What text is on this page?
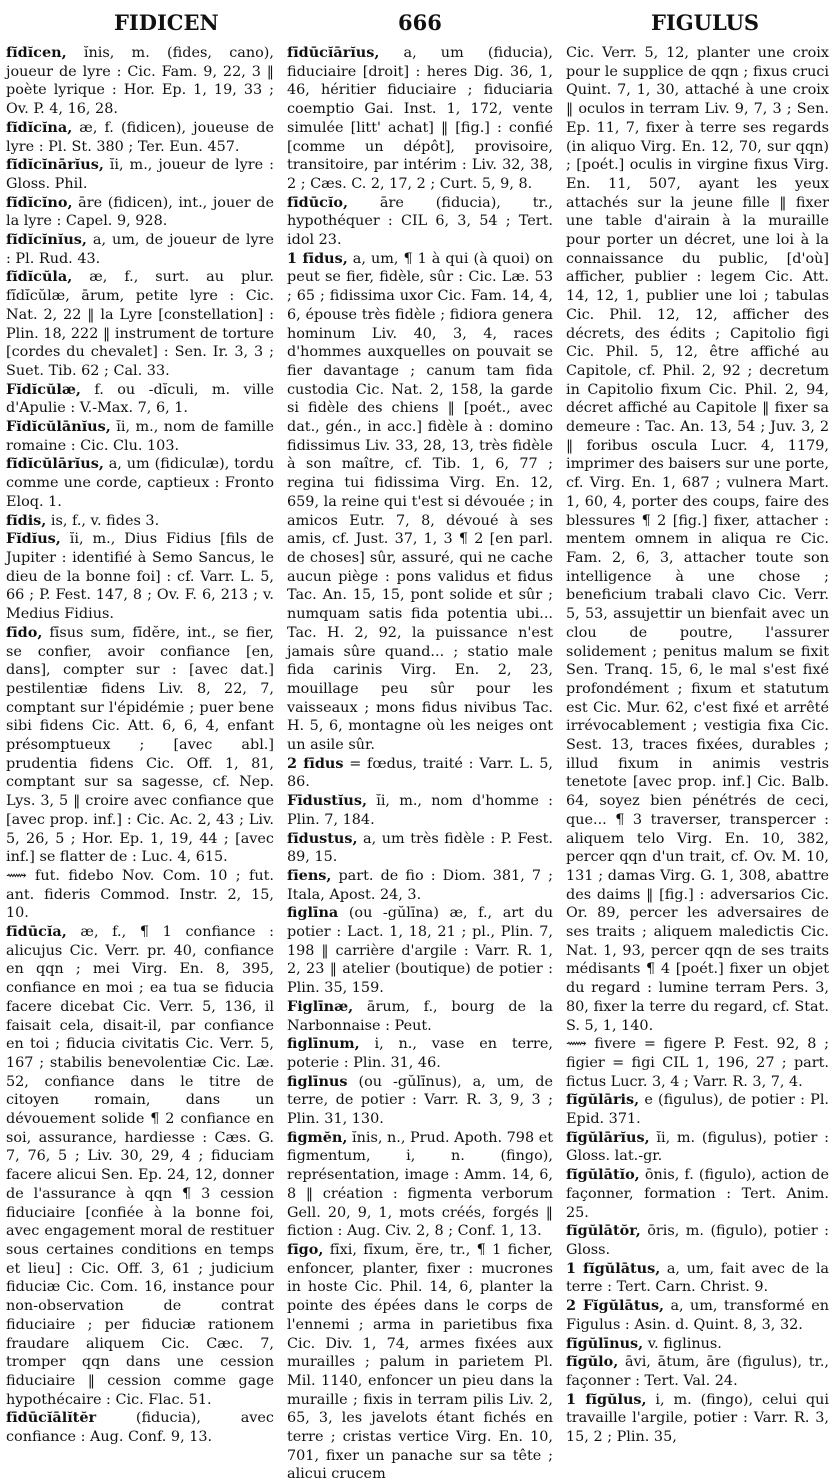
FIDICEN	666	FIGULUS

fĭdĭcen, ĭnis, m. (fides, cano), joueur de lyre : Cic. Fam. 9, 22, 3 ‖ poète lyrique : Hor. Ep. 1, 19, 33 ; Ov. P. 4, 16, 28.

fĭdĭcĭna, æ, f. (fidicen), joueuse de lyre : Pl. St. 380 ; Ter. Eun. 457.

fĭdĭcĭnārĭus, ĭi, m., joueur de lyre : Gloss. Phil.

fĭdĭcĭno, āre (fidicen), int., jouer de la lyre : Capel. 9, 928.

fĭdĭcĭnĭus, a, um, de joueur de lyre : Pl. Rud. 43.

fĭdĭcŭla, æ, f., surt. au plur. fĭdĭcŭlæ, ārum, petite lyre : Cic. Nat. 2, 22 ‖ la Lyre [constellation] : Plin. 18, 222 ‖ instrument de torture [cordes du chevalet] : Sen. Ir. 3, 3 ; Suet. Tib. 62 ; Cal. 33.

Fĭdĭcŭlæ, f. ou -dĭculi, m. ville d'Apulie : V.-Max. 7, 6, 1.

Fĭdĭcŭlānĭus, ĭi, m., nom de famille romaine : Cic. Clu. 103.

fĭdĭcŭlārĭus, a, um (fidiculæ), tordu comme une corde, captieux : Fronto Eloq. 1.

fĭdis, is, f., v. fides 3.

Fĭdĭus, ĭi, m., Dius Fidius [fils de Jupiter : identifié à Semo Sancus, le dieu de la bonne foi] : cf. Varr. L. 5, 66 ; P. Fest. 147, 8 ; Ov. F. 6, 213 ; v. Medius Fidius.

fīdo, fīsus sum, fīdĕre, int., se fier, se confier, avoir confiance [en, dans], compter sur : [avec dat.] pestilentiæ fidens Liv. 8, 22, 7, comptant sur l'épidémie ; puer bene sibi fidens Cic. Att. 6, 6, 4, enfant présomptueux ; [avec abl.] prudentia fidens Cic. Off. 1, 81, comptant sur sa sagesse, cf. Nep. Lys. 3, 5 ‖ croire avec confiance que [avec prop. inf.] : Cic. Ac. 2, 43 ; Liv. 5, 26, 5 ; Hor. Ep. 1, 19, 44 ; [avec inf.] se flatter de : Luc. 4, 615.

⟿ fut. fidebo Nov. Com. 10 ; fut. ant. fideris Commod. Instr. 2, 15, 10.

fīdūcĭa, æ, f., ¶ 1 confiance : alicujus Cic. Verr. pr. 40, confiance en qqn ; mei Virg. En. 8, 395, confiance en moi ; ea tua se fiducia facere dicebat Cic. Verr. 5, 136, il faisait cela, disait-il, par confiance en toi ; fiducia civitatis Cic. Verr. 5, 167 ; stabilis benevolentiæ Cic. Læ. 52, confiance dans le titre de citoyen romain, dans un dévouement solide ¶ 2 confiance en soi, assurance, hardiesse : Cæs. G. 7, 76, 5 ; Liv. 30, 29, 4 ; fiduciam facere alicui Sen. Ep. 24, 12, donner de l'assurance à qqn ¶ 3 cession fiduciaire [confiée à la bonne foi, avec engagement moral de restituer sous certaines conditions en temps et lieu] : Cic. Off. 3, 61 ; judicium fiduciæ Cic. Com. 16, instance pour non-observation de contrat fiduciaire ; per fiduciæ rationem fraudare aliquem Cic. Cæc. 7, tromper qqn dans une cession fiduciaire ‖ cession comme gage hypothécaire : Cic. Flac. 51.

fīdūcĭālĭtĕr (fiducia), avec confiance : Aug. Conf. 9, 13.

fīdūcĭārĭus, a, um (fiducia), fiduciaire [droit] : heres Dig. 36, 1, 46, héritier fiduciaire ; fiduciaria coemptio Gai. Inst. 1, 172, vente simulée [litt' achat] ‖ [fig.] : confié [comme un dépôt], provisoire, transitoire, par intérim : Liv. 32, 38, 2 ; Cæs. C. 2, 17, 2 ; Curt. 5, 9, 8.

fīdūcĭo, āre (fiducia), tr., hypothéquer : CIL 6, 3, 54 ; Tert. idol 23.

1 fīdus, a, um, ¶ 1 à qui (à quoi) on peut se fier, fidèle, sûr : Cic. Læ. 53 ; 65 ; fidissima uxor Cic. Fam. 14, 4, 6, épouse très fidèle ; fidiora genera hominum Liv. 40, 3, 4, races d'hommes auxquelles on pouvait se fier davantage ; canum tam fida custodia Cic. Nat. 2, 158, la garde si fidèle des chiens ‖ [poét., avec dat., gén., in acc.] fidèle à : domino fidissimus Liv. 33, 28, 13, très fidèle à son maître, cf. Tib. 1, 6, 77 ; regina tui fidissima Virg. En. 12, 659, la reine qui t'est si dévouée ; in amicos Eutr. 7, 8, dévoué à ses amis, cf. Just. 37, 1, 3 ¶ 2 [en parl. de choses] sûr, assuré, qui ne cache aucun piège : pons validus et fidus Tac. An. 15, 15, pont solide et sûr ; numquam satis fida potentia ubi... Tac. H. 2, 92, la puissance n'est jamais sûre quand... ; statio male fida carinis Virg. En. 2, 23, mouillage peu sûr pour les vaisseaux ; mons fidus nivibus Tac. H. 5, 6, montagne où les neiges ont un asile sûr.

2 fīdus = fœdus, traité : Varr. L. 5, 86.

Fīdustĭus, ĭi, m., nom d'homme : Plin. 7, 184.

fīdustus, a, um très fidèle : P. Fest. 89, 15.

fīens, part. de fio : Diom. 381, 7 ; Itala, Apost. 24, 3.

figlīna (ou -gŭlīna) æ, f., art du potier : Lact. 1, 18, 21 ; pl., Plin. 7, 198 ‖ carrière d'argile : Varr. R. 1, 2, 23 ‖ atelier (boutique) de potier : Plin. 35, 159.

Figlīnæ, ārum, f., bourg de la Narbonnaise : Peut.

figlīnum, i, n., vase en terre, poterie : Plin. 31, 46.

figlīnus (ou -gŭlīnus), a, um, de terre, de potier : Varr. R. 3, 9, 3 ; Plin. 31, 130.

figmĕn, ĭnis, n., Prud. Apoth. 798 et figmentum, i, n. (fingo), représentation, image : Amm. 14, 6, 8 ‖ création : figmenta verborum Gell. 20, 9, 1, mots créés, forgés ‖ fiction : Aug. Civ. 2, 8 ; Conf. 1, 13.

fīgo, fīxi, fīxum, ĕre, tr., ¶ 1 ficher, enfoncer, planter, fixer : mucrones in hoste Cic. Phil. 14, 6, planter la pointe des épées dans le corps de l'ennemi ; arma in parietibus fixa Cic. Div. 1, 74, armes fixées aux murailles ; palum in parietem Pl. Mil. 1140, enfoncer un pieu dans la muraille ; fixis in terram pilis Liv. 2, 65, 3, les javelots étant fichés en terre ; cristas vertice Virg. En. 10, 701, fixer un panache sur sa tête ; alicui crucem

Cic. Verr. 5, 12, planter une croix pour le supplice de qqn ; fixus cruci Quint. 7, 1, 30, attaché à une croix ‖ oculos in terram Liv. 9, 7, 3 ; Sen. Ep. 11, 7, fixer à terre ses regards (in aliquo Virg. En. 12, 70, sur qqn) ; [poét.] oculis in virgine fixus Virg. En. 11, 507, ayant les yeux attachés sur la jeune fille ‖ fixer une table d'airain à la muraille pour porter un décret, une loi à la connaissance du public, [d'où] afficher, publier : legem Cic. Att. 14, 12, 1, publier une loi ; tabulas Cic. Phil. 12, 12, afficher des décrets, des édits ; Capitolio figi Cic. Phil. 5, 12, être affiché au Capitole, cf. Phil. 2, 92 ; decretum in Capitolio fixum Cic. Phil. 2, 94, décret affiché au Capitole ‖ fixer sa demeure : Tac. An. 13, 54 ; Juv. 3, 2 ‖ foribus oscula Lucr. 4, 1179, imprimer des baisers sur une porte, cf. Virg. En. 1, 687 ; vulnera Mart. 1, 60, 4, porter des coups, faire des blessures ¶ 2 [fig.] fixer, attacher : mentem omnem in aliqua re Cic. Fam. 2, 6, 3, attacher toute son intelligence à une chose ; beneficium trabali clavo Cic. Verr. 5, 53, assujettir un bienfait avec un clou de poutre, l'assurer solidement ; penitus malum se fixit Sen. Tranq. 15, 6, le mal s'est fixé profondément ; fixum et statutum est Cic. Mur. 62, c'est fixé et arrêté irrévocablement ; vestigia fixa Cic. Sest. 13, traces fixées, durables ; illud fixum in animis vestris tenetote [avec prop. inf.] Cic. Balb. 64, soyez bien pénétrés de ceci, que... ¶ 3 traverser, transpercer : aliquem telo Virg. En. 10, 382, percer qqn d'un trait, cf. Ov. M. 10, 131 ; damas Virg. G. 1, 308, abattre des daims ‖ [fig.] : adversarios Cic. Or. 89, percer les adversaires de ses traits ; aliquem maledictis Cic. Nat. 1, 93, percer qqn de ses traits médisants ¶ 4 [poét.] fixer un objet du regard : lumine terram Pers. 3, 80, fixer la terre du regard, cf. Stat. S. 5, 1, 140.

⟿ fivere = figere P. Fest. 92, 8 ; figier = figi CIL 1, 196, 27 ; part. fictus Lucr. 3, 4 ; Varr. R. 3, 7, 4.

fĭgŭlāris, e (figulus), de potier : Pl. Epid. 371.

fĭgŭlārĭus, ĭi, m. (figulus), potier : Gloss. lat.-gr.

fĭgŭlātĭo, ōnis, f. (figulo), action de façonner, formation : Tert. Anim. 25.

fĭgŭlātŏr, ōris, m. (figulo), potier : Gloss.

1 fĭgŭlātus, a, um, fait avec de la terre : Tert. Carn. Christ. 9.

2 Fĭgŭlātus, a, um, transformé en Figulus : Asin. d. Quint. 8, 3, 32.

fĭgŭlīnus, v. figlinus.

fĭgŭlo, āvi, ātum, āre (figulus), tr., façonner : Tert. Val. 24.

1 fĭgŭlus, i, m. (fingo), celui qui travaille l'argile, potier : Varr. R. 3, 15, 2 ; Plin. 35,
